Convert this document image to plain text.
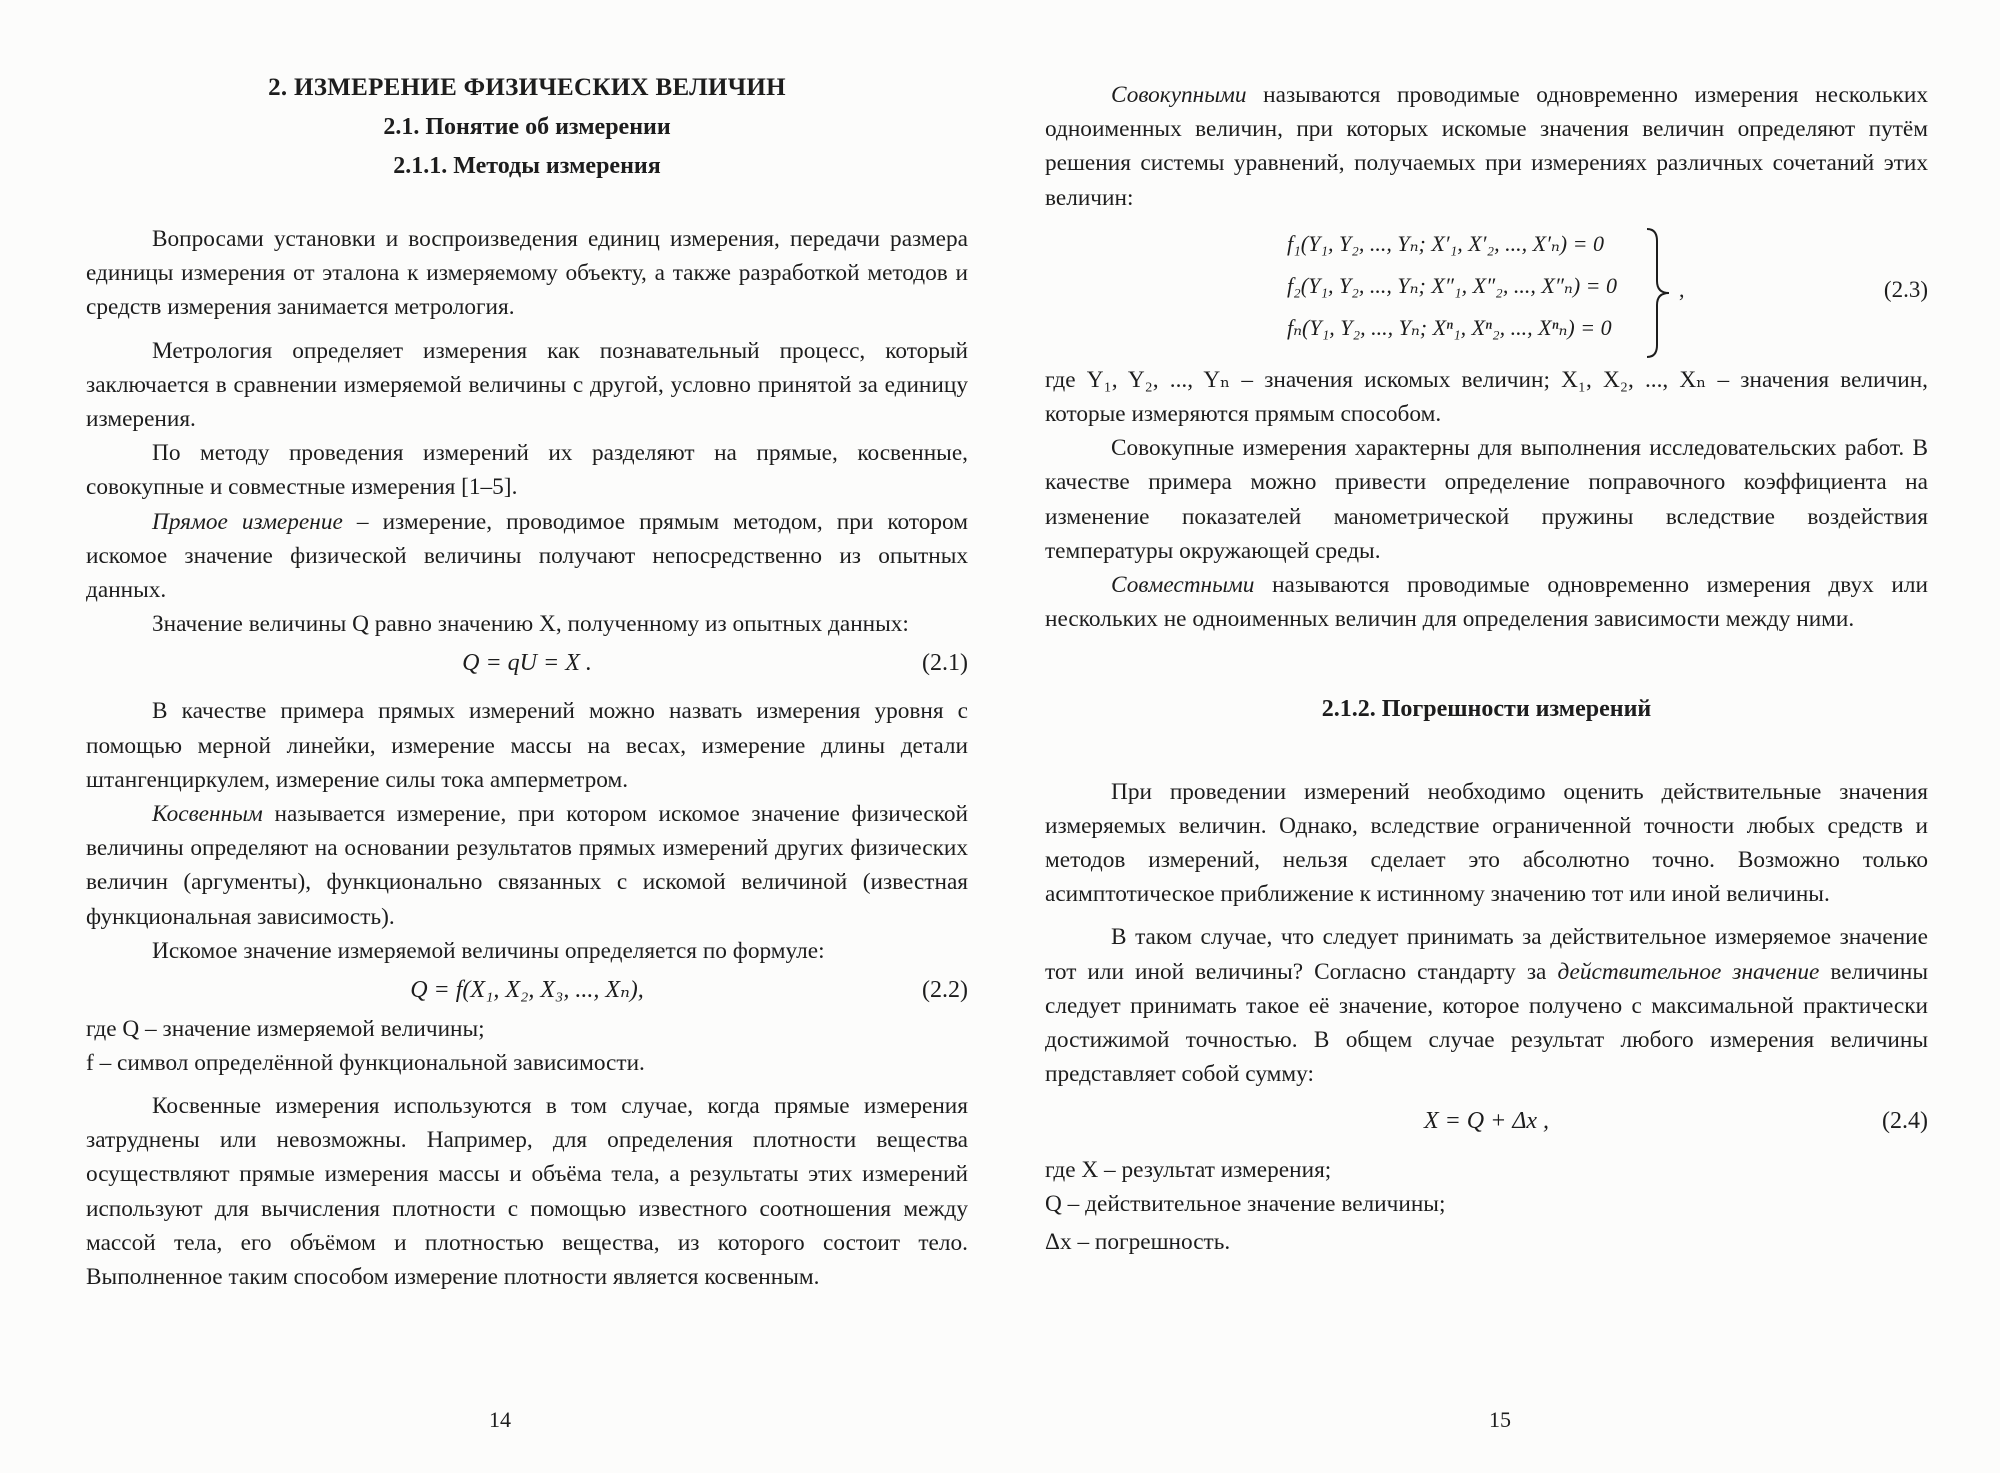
2. ИЗМЕРЕНИЕ ФИЗИЧЕСКИХ ВЕЛИЧИН
2.1. Понятие об измерении
2.1.1. Методы измерения

Вопросами установки и воспроизведения единиц измерения, передачи размера единицы измерения от эталона к измеряемому объекту, а также разработкой методов и средств измерения занимается метрология.

Метрология определяет измерения как познавательный процесс, который заключается в сравнении измеряемой величины с другой, условно принятой за единицу измерения.

По методу проведения измерений их разделяют на прямые, косвенные, совокупные и совместные измерения [1–5].

Прямое измерение – измерение, проводимое прямым методом, при котором искомое значение физической величины получают непосредственно из опытных данных.

Значение величины Q равно значению X, полученному из опытных данных:

Q = qU = X .	(2.1)

В качестве примера прямых измерений можно назвать измерения уровня с помощью мерной линейки, измерение массы на весах, измерение длины детали штангенциркулем, измерение силы тока амперметром.

Косвенным называется измерение, при котором искомое значение физической величины определяют на основании результатов прямых измерений других физических величин (аргументы), функционально связанных с искомой величиной (известная функциональная зависимость).

Искомое значение измеряемой величины определяется по формуле:

Q = f(X₁, X₂, X₃, ..., Xₙ),	(2.2)
где Q – значение измеряемой величины;
f – символ определённой функциональной зависимости.

Косвенные измерения используются в том случае, когда прямые измерения затруднены или невозможны. Например, для определения плотности вещества осуществляют прямые измерения массы и объёма тела, а результаты этих измерений используют для вычисления плотности с помощью известного соотношения между массой тела, его объёмом и плотностью вещества, из которого состоит тело. Выполненное таким способом измерение плотности является косвенным.

14

Совокупными называются проводимые одновременно измерения нескольких одноименных величин, при которых искомые значения величин определяют путём решения системы уравнений, получаемых при измерениях различных сочетаний этих величин:

f₁(Y₁, Y₂, ..., Yₙ; X′₁, X′₂, ..., X′ₙ) = 0
f₂(Y₁, Y₂, ..., Yₙ; X″₁, X″₂, ..., X″ₙ) = 0
fₙ(Y₁, Y₂, ..., Yₙ; Xⁿ₁, Xⁿ₂, ..., Xⁿₙ) = 0
,	(2.3)

где Y₁, Y₂, ..., Yₙ – значения искомых величин; X₁, X₂, ..., Xₙ – значения величин, которые измеряются прямым способом.

Совокупные измерения характерны для выполнения исследовательских работ. В качестве примера можно привести определение поправочного коэффициента на изменение показателей манометрической пружины вследствие воздействия температуры окружающей среды.

Совместными называются проводимые одновременно измерения двух или нескольких не одноименных величин для определения зависимости между ними.

2.1.2. Погрешности измерений

При проведении измерений необходимо оценить действительные значения измеряемых величин. Однако, вследствие ограниченной точности любых средств и методов измерений, нельзя сделает это абсолютно точно. Возможно только асимптотическое приближение к истинному значению тот или иной величины.

В таком случае, что следует принимать за действительное измеряемое значение тот или иной величины? Согласно стандарту за действительное значение величины следует принимать такое её значение, которое получено с максимальной практически достижимой точностью. В общем случае результат любого измерения величины представляет собой сумму:

X = Q + Δx ,	(2.4)
где X – результат измерения;
Q – действительное значение величины;
Δx – погрешность.
15
